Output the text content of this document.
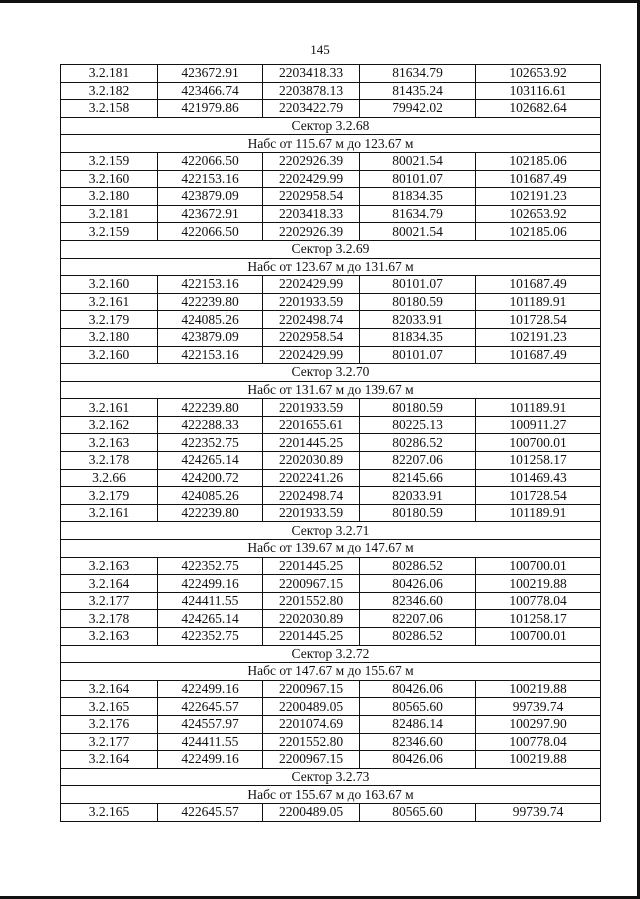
145
3.2.181	423672.91	2203418.33	81634.79	102653.92
3.2.182	423466.74	2203878.13	81435.24	103116.61
3.2.158	421979.86	2203422.79	79942.02	102682.64
Сектор 3.2.68				
Набс от 115.67 м до 123.67 м				
3.2.159	422066.50	2202926.39	80021.54	102185.06
3.2.160	422153.16	2202429.99	80101.07	101687.49
3.2.180	423879.09	2202958.54	81834.35	102191.23
3.2.181	423672.91	2203418.33	81634.79	102653.92
3.2.159	422066.50	2202926.39	80021.54	102185.06
Сектор 3.2.69				
Набс от 123.67 м до 131.67 м				
3.2.160	422153.16	2202429.99	80101.07	101687.49
3.2.161	422239.80	2201933.59	80180.59	101189.91
3.2.179	424085.26	2202498.74	82033.91	101728.54
3.2.180	423879.09	2202958.54	81834.35	102191.23
3.2.160	422153.16	2202429.99	80101.07	101687.49
Сектор 3.2.70				
Набс от 131.67 м до 139.67 м				
3.2.161	422239.80	2201933.59	80180.59	101189.91
3.2.162	422288.33	2201655.61	80225.13	100911.27
3.2.163	422352.75	2201445.25	80286.52	100700.01
3.2.178	424265.14	2202030.89	82207.06	101258.17
3.2.66	424200.72	2202241.26	82145.66	101469.43
3.2.179	424085.26	2202498.74	82033.91	101728.54
3.2.161	422239.80	2201933.59	80180.59	101189.91
Сектор 3.2.71				
Набс от 139.67 м до 147.67 м				
3.2.163	422352.75	2201445.25	80286.52	100700.01
3.2.164	422499.16	2200967.15	80426.06	100219.88
3.2.177	424411.55	2201552.80	82346.60	100778.04
3.2.178	424265.14	2202030.89	82207.06	101258.17
3.2.163	422352.75	2201445.25	80286.52	100700.01
Сектор 3.2.72				
Набс от 147.67 м до 155.67 м				
3.2.164	422499.16	2200967.15	80426.06	100219.88
3.2.165	422645.57	2200489.05	80565.60	99739.74
3.2.176	424557.97	2201074.69	82486.14	100297.90
3.2.177	424411.55	2201552.80	82346.60	100778.04
3.2.164	422499.16	2200967.15	80426.06	100219.88
Сектор 3.2.73				
Набс от 155.67 м до 163.67 м				
3.2.165	422645.57	2200489.05	80565.60	99739.74
